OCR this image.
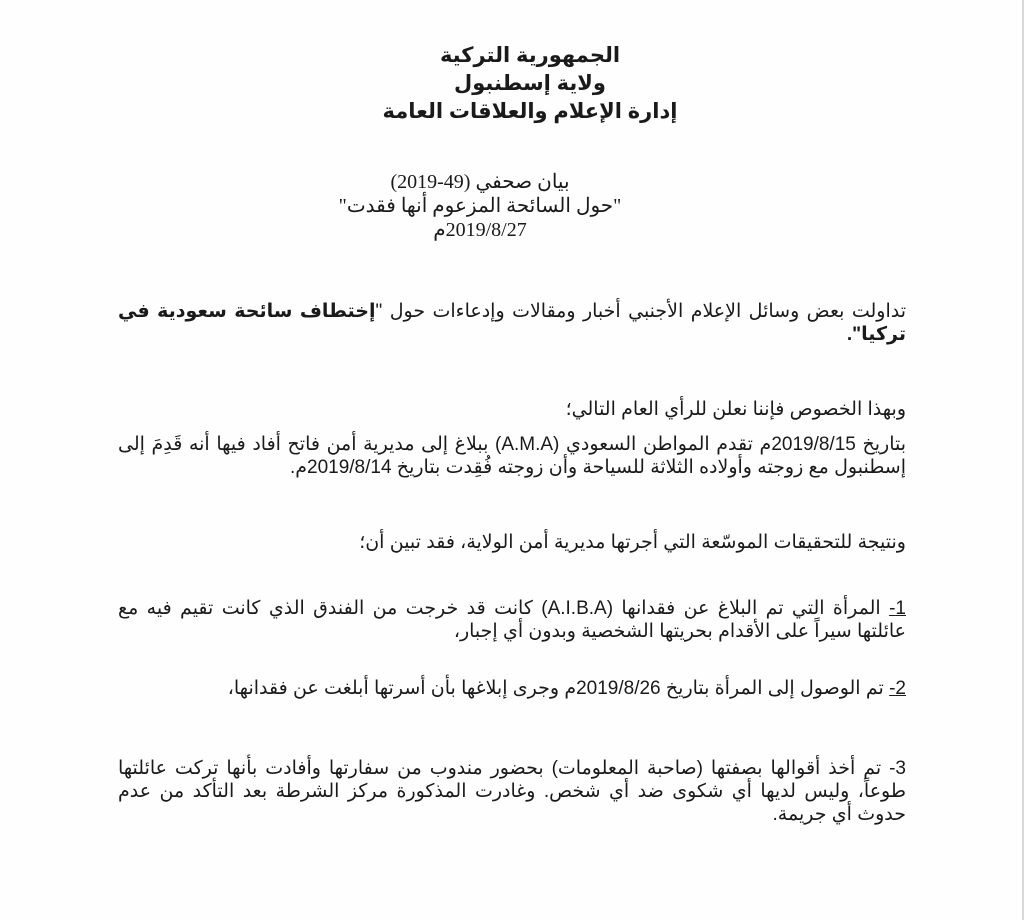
الجمهورية التركية
ولاية إسطنبول
إدارة الإعلام والعلاقات العامة
بيان صحفي (49-2019)
"حول السائحة المزعوم أنها فقدت"
2019/8/27م
تداولت بعض وسائل الإعلام الأجنبي أخبار ومقالات وإدعاءات حول "إختطاف سائحة سعودية في تركيا".
وبهذا الخصوص فإننا نعلن للرأي العام التالي؛
بتاريخ 2019/8/15م تقدم المواطن السعودي (A.M.A) ببلاغ إلى مديرية أمن فاتح أفاد فيها أنه قَدِمَ إلى إسطنبول مع زوجته وأولاده الثلاثة للسياحة وأن زوجته فُقِدت بتاريخ 2019/8/14م.
ونتيجة للتحقيقات الموسّعة التي أجرتها مديرية أمن الولاية، فقد تبين أن؛
1- المرأة التي تم البلاغ عن فقدانها (A.I.B.A) كانت قد خرجت من الفندق الذي كانت تقيم فيه مع عائلتها سيراً على الأقدام بحريتها الشخصية وبدون أي إجبار،
2- تم الوصول إلى المرأة بتاريخ 2019/8/26م وجرى إبلاغها بأن أسرتها أبلغت عن فقدانها،
3- تم أخذ أقوالها بصفتها (صاحبة المعلومات) بحضور مندوب من سفارتها وأفادت بأنها تركت عائلتها طوعاً، وليس لديها أي شكوى ضد أي شخص. وغادرت المذكورة مركز الشرطة بعد التأكد من عدم حدوث أي جريمة.
